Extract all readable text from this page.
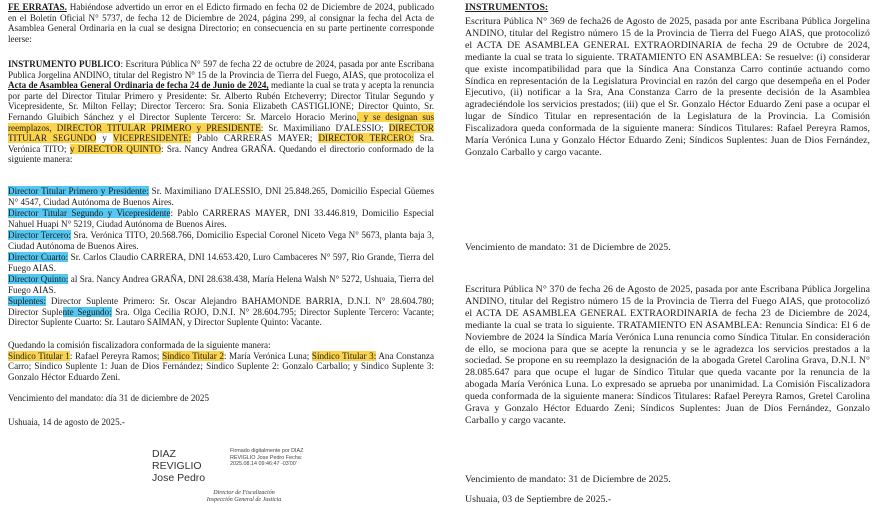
FE ERRATAS. Habiéndose advertido un error en el Edicto firmado en fecha 02 de Diciembre de 2024, publicado en el Boletín Oficial N° 5737, de fecha 12 de Diciembre de 2024, página 299, al consignar la fecha del Acta de Asamblea General Ordinaria en la cual se designa Directorio; en consecuencia en su parte pertinente corresponde leerse:

INSTRUMENTO PUBLICO: Escritura Pública N° 597 de fecha 22 de octubre de 2024, pasada por ante Escribana Publica Jorgelina ANDINO, titular del Registro N° 15 de la Provincia de Tierra del Fuego, AIAS, que protocoliza el Acta de Asamblea General Ordinaria de fecha 24 de Junio de 2024, mediante la cual se trata y acepta la renuncia por parte del Director Titular Primero y Presidente: Sr. Alberto Rubén Etcheverry; Director Titular Segundo y Vicepresidente, Sr. Milton Fellay; Director Tercero: Sra. Sonia Elizabeth CASTIGLIONE; Director Quinto, Sr. Fernando Gluibich Sánchez y el Director Suplente Tercero: Sr. Marcelo Horacio Merino, y se designan sus reemplazos, DIRECTOR TITULAR PRIMERO y PRESIDENTE: Sr. Maximiliano D'ALESSIO; DIRECTOR TITULAR SEGUNDO y VICEPRESIDENTE: Pablo CARRERAS MAYER; DIRECTOR TERCERO: Sra. Verónica TITO; y DIRECTOR QUINTO: Sra. Nancy Andrea GRAÑA. Quedando el directorio conformado de la siguiente manera:

Director Titular Primero y Presidente: Sr. Maximiliano D'ALESSIO, DNI 25.848.265, Domicilio Especial Güemes N° 4547, Ciudad Autónoma de Buenos Aires.

Director Titular Segundo y Vicepresidente: Pablo CARRERAS MAYER, DNI 33.446.819, Domicilio Especial Nahuel Huapi N° 5219, Ciudad Autónoma de Buenos Aires.

Director Tercero: Sra. Verónica TITO, 20.568.766, Domicilio Especial Coronel Niceto Vega N° 5673, planta baja 3, Ciudad Autónoma de Buenos Aires.

Director Cuarto: Sr. Carlos Claudio CARRERA, DNI 14.653.420, Luro Cambaceres N° 597, Rio Grande, Tierra del Fuego AIAS.

Director Quinto: al Sra. Nancy Andrea GRAÑA, DNI 28.638.438, María Helena Walsh N° 5272, Ushuaia, Tierra del Fuego AIAS.

Suplentes: Director Suplente Primero: Sr. Oscar Alejandro BAHAMONDE BARRIA, D.N.I. N° 28.604.780; Director Suplente Segundo: Sra. Olga Cecilia ROJO, D.N.I. N° 28.604.795; Director Suplente Tercero: Vacante; Director Suplente Cuarto: Sr. Lautaro SAIMAN, y Director Suplente Quinto: Vacante.

Quedando la comisión fiscalizadora conformada de la siguiente manera:
Síndico Titular 1: Rafael Pereyra Ramos; Síndico Titular 2: María Verónica Luna; Síndico Titular 3: Ana Constanza Carro; Síndico Suplente 1: Juan de Dios Fernández; Síndico Suplente 2: Gonzalo Carballo; y Síndico Suplente 3: Gonzalo Héctor Eduardo Zeni.

Vencimiento del mandato: día 31 de diciembre de 2025

Ushuaia, 14 de agosto de 2025.-

DIAZ
REVIGLIO
Jose Pedro
Firmado digitalmente por DIAZ REVIGLIO Jose Pedro Fecha: 2025.08.14 09:46:47 -03'00'
Director de Fiscalización
Inspección General de Justicia

INSTRUMENTOS:

Escritura Pública N° 369 de fecha26 de Agosto de 2025, pasada por ante Escribana Pública Jorgelina ANDINO, titular del Registro número 15 de la Provincia de Tierra del Fuego AIAS, que protocolizó el ACTA DE ASAMBLEA GENERAL EXTRAORDINARIA de fecha 29 de Octubre de 2024, mediante la cual se trata lo siguiente. TRATAMIENTO EN ASAMBLEA: Se resuelve: (i) considerar que existe incompatibilidad para que la Síndica Ana Constanza Carro continúe actuando como Síndica en representación de la Legislatura Provincial en razón del cargo que desempeña en el Poder Ejecutivo, (ii) notificar a la Sra, Ana Constanza Carro de la presente decisión de la Asamblea agradeciéndole los servicios prestados; (iii) que el Sr. Gonzalo Héctor Eduardo Zeni pase a ocupar el lugar de Síndico Titular en representación de la Legislatura de la Provincia. La Comisión Fiscalizadora queda conformada de la siguiente manera: Síndicos Titulares: Rafael Pereyra Ramos, María Verónica Luna y Gonzalo Héctor Eduardo Zeni; Síndicos Suplentes: Juan de Dios Fernández, Gonzalo Carballo y cargo vacante.

Vencimiento de mandato: 31 de Diciembre de 2025.

Escritura Pública N° 370 de fecha 26 de Agosto de 2025, pasada por ante Escribana Pública Jorgelina ANDINO, titular del Registro número 15 de la Provincia de Tierra del Fuego AIAS, que protocolizó el ACTA DE ASAMBLEA GENERAL EXTRAORDINARIA de fecha 23 de Diciembre de 2024, mediante la cual se trata lo siguiente. TRATAMIENTO EN ASAMBLEA: Renuncia Síndica: El 6 de Noviembre de 2024 la Síndica María Verónica Luna renuncia como Síndica Titular. En consideración de ello, se mociona para que se acepte la renuncia y se le agradezca los servicios prestados a la sociedad. Se propone en su reemplazo la designación de la abogada Gretel Carolina Grava, D.N.I. N° 28.085.647 para que ocupe el lugar de Síndico Titular que queda vacante por la renuncia de la abogada María Verónica Luna. Lo expresado se aprueba por unanimidad. La Comisión Fiscalizadora queda conformada de la siguiente manera: Síndicos Titulares: Rafael Pereyra Ramos, Gretel Carolina Grava y Gonzalo Héctor Eduardo Zeni; Síndicos Suplentes: Juan de Dios Fernández, Gonzalo Carballo y cargo vacante.

Vencimiento de mandato: 31 de Diciembre de 2025.

Ushuaia, 03 de Septiembre de 2025.-
